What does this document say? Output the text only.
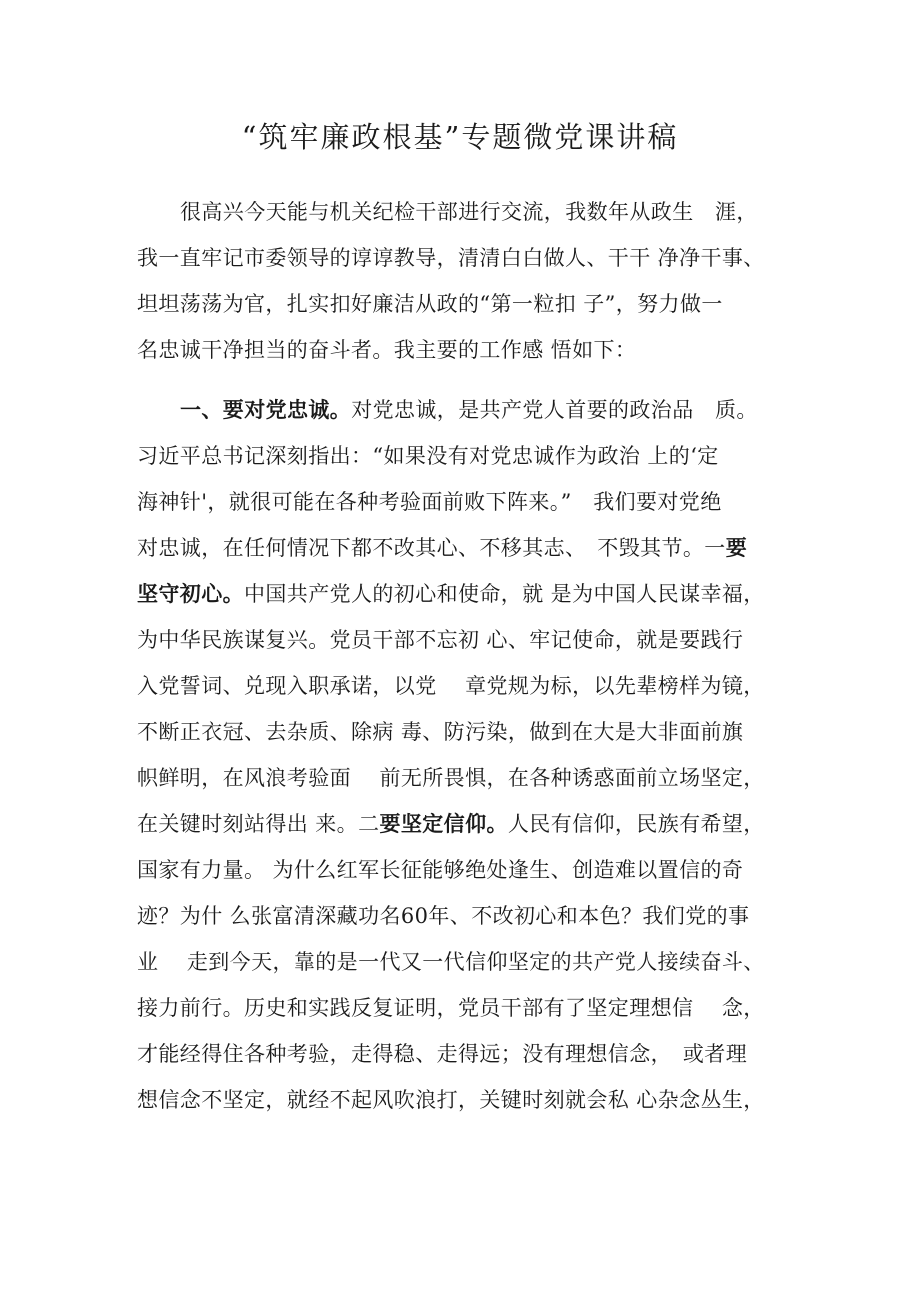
“筑牢廉政根基”专题微党课讲稿
很高兴今天能与机关纪检干部进行交流，我数年从政生　涯，
我一直牢记市委领导的谆谆教导，清清白白做人、干干 净净干事、
坦坦荡荡为官，扎实扣好廉洁从政的“第一粒扣 子”，努力做一
名忠诚干净担当的奋斗者。我主要的工作感 悟如下：
一、要对党忠诚。对党忠诚，是共产党人首要的政治品　质。
习近平总书记深刻指出：“如果没有对党忠诚作为政治 上的‘定
海神针'，就很可能在各种考验面前败下阵来。”　我们要对党绝
对忠诚，在任何情况下都不改其心、不移其志、　不毁其节。一要
坚守初心。中国共产党人的初心和使命，就 是为中国人民谋幸福，
为中华民族谋复兴。党员干部不忘初 心、牢记使命，就是要践行
入党誓词、兑现入职承诺，以党　 章党规为标，以先辈榜样为镜，
不断正衣冠、去杂质、除病 毒、防污染，做到在大是大非面前旗
帜鲜明，在风浪考验面　 前无所畏惧，在各种诱惑面前立场坚定，
在关键时刻站得出 来。二要坚定信仰。人民有信仰，民族有希望，
国家有力量。 为什么红军长征能够绝处逢生、创造难以置信的奇
迹？为什 么张富清深藏功名60年、不改初心和本色？我们党的事
业　 走到今天，靠的是一代又一代信仰坚定的共产党人接续奋斗、
接力前行。历史和实践反复证明，党员干部有了坚定理想信　 念，
才能经得住各种考验，走得稳、走得远；没有理想信念，　或者理
想信念不坚定，就经不起风吹浪打，关键时刻就会私 心杂念丛生，
